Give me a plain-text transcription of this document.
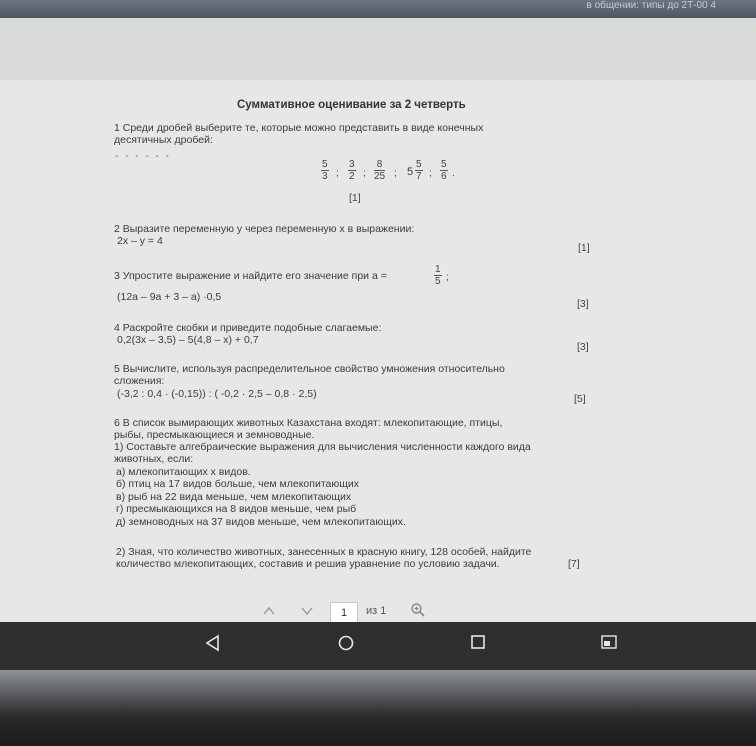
в общении: типы до 2Т-00 4
Суммативное оценивание за 2 четверть
1 Среди дробей выберите те, которые можно представить в виде конечных
десятичных дробей:
- - - - - -
$\frac{5}{3}$ ; $\frac{3}{2}$ ; $\frac{8}{25}$ ; $5 \frac{5}{7}$ ; $\frac{5}{6}$ .
[1]
2 Выразите переменную у через переменную х в выражении:
2х – у = 4
[1]
3 Упростите выражение и найдите его значение при а =	$\frac{1}{5}$ ;
(12а – 9а + 3 – а) ·0,5
[3]
4 Раскройте скобки и приведите подобные слагаемые:
0,2(3х – 3,5) – 5(4,8 – х) + 0,7
[3]
5 Вычислите, используя распределительное свойство умножения относительно
сложения:
(-3,2 : 0,4 · (-0,15)) : ( -0,2 · 2,5 – 0,8 · 2,5)	[5]
6 В список вымирающих животных Казахстана входят: млекопитающие, птицы,
рыбы, пресмыкающиеся и земноводные.
1) Составьте алгебраические выражения для вычисления численности каждого вида
животных, если:
а) млекопитающих x видов.
б) птиц на 17 видов больше, чем млекопитающих
в) рыб на 22 вида меньше, чем млекопитающих
г) пресмыкающихся на 8 видов меньше, чем рыб
д) земноводных на 37 видов меньше, чем млекопитающих.
2) Зная, что количество животных, занесенных в красную книгу, 128 особей, найдите
количество млекопитающих, составив и решив уравнение по условию задачи.	[7]
1	из 1
